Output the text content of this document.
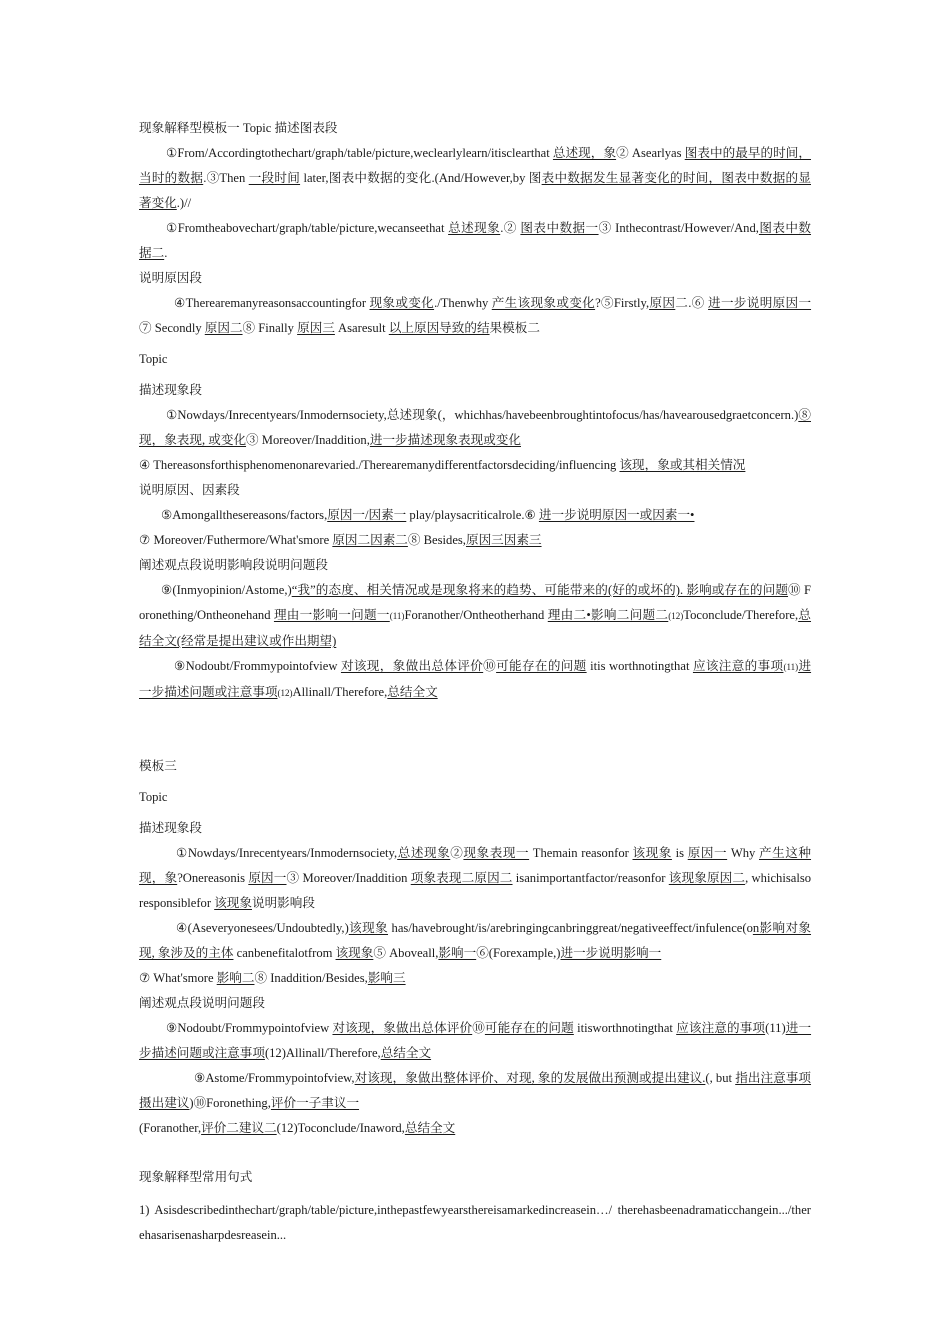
现象解释型模板一 Topic 描述图表段

①From/Accordingtothechart/graph/table/picture,weclearlylearn/itisclearthat 总述现，象② Asearlyas 图表中的最早的时间，当时的数据.③Then 一段时间 later,图表中数据的变化.(And/However,by 图表中数据发生显著变化的时间，图表中数据的显著变化.)//

①Fromtheabovechart/graph/table/picture,wecanseethat 总述现象.② 图表中数据一③ Inthecontrast/However/And,图表中数据二.

说明原因段

④Therearemanyreasonsaccountingfor 现象或变化./Thenwhy 产生该现象或变化?⑤Firstly,原因二.⑥ 进一步说明原因一⑦ Secondly 原因二⑧ Finally 原因三 Asaresult 以上原因导致的结果模板二

Topic

描述现象段

①Nowdays/Inrecentyears/Inmodernsociety,总述现象(，whichhas/havebeenbroughtintofocus/has/havearousedgraetconcern.)⑧现，象表现, 或变化③ Moreover/Inaddition,进一步描述现象表现或变化

④ Thereasonsforthisphenomenonarevaried./Therearemanydifferentfactorsdeciding/influencing 该现，象或其相关情况

说明原因、因素段

⑤Amongallthesereasons/factors,原因一/因素一 play/playsacriticalrole.⑥ 进一步说明原因一或因素一•

⑦ Moreover/Futhermore/What'smore 原因二因素二⑧ Besides,原因三因素三

阐述观点段说明影响段说明问题段

⑨(Inmyopinion/Astome,)“我”的态度、相关情况或是现象将来的趋势、可能带来的(好的或坏的). 影响或存在的问题⑩ Foronething/Ontheonehand 理由一影响一问题一(11)Foranother/Ontheotherhand 理由二•影响二问题二(12)Toconclude/Therefore,总结全文(经常是提出建议或作出期望)

⑨Nodoubt/Frommypointofview 对该现，象做出总体评价⑩可能存在的问题 itis worthnotingthat 应该注意的事项(11)进一步描述问题或注意事项(12)Allinall/Therefore,总结全文

模板三

Topic

描述现象段

①Nowdays/Inrecentyears/Inmodernsociety,总述现象②现象表现一 Themain reasonfor 该现象 is 原因一 Why 产生这种现，象?Onereasonis 原因一③ Moreover/Inaddition 项象表现二原因二 isanimportantfactor/reasonfor 该现象原因二, whichisalsoresponsiblefor 该现象说明影响段

④(Aseveryonesees/Undoubtedly,)该现象 has/havebrought/is/arebringingcanbringgreat/negativeeffect/infulence(on影响对象现, 象涉及的主体 canbenefitalotfrom 该现象⑤ Aboveall,影响一⑥(Forexample,)进一步说明影响一

⑦ What'smore 影响二⑧ Inaddition/Besides,影响三

阐述观点段说明问题段

⑨Nodoubt/Frommypointofview 对该现，象做出总体评价⑩可能存在的问题 itisworthnotingthat 应该注意的事项(11)进一步描述问题或注意事项(12)Allinall/Therefore,总结全文

⑨Astome/Frommypointofview,对该现，象做出整体评价、对现, 象的发展做出预测或提出建议.(, but 指出注意事项摄出建议)⑩Foronething,评价一子聿议一

(Foranother,评价二建议二(12)Toconclude/Inaword,总结全文

现象解释型常用句式

1) Asisdescribedinthechart/graph/table/picture,inthepastfewyearsthereisamarkedincreasein…/ therehasbeenadramaticchangein.../therehasarisenasharpdesreasein...
